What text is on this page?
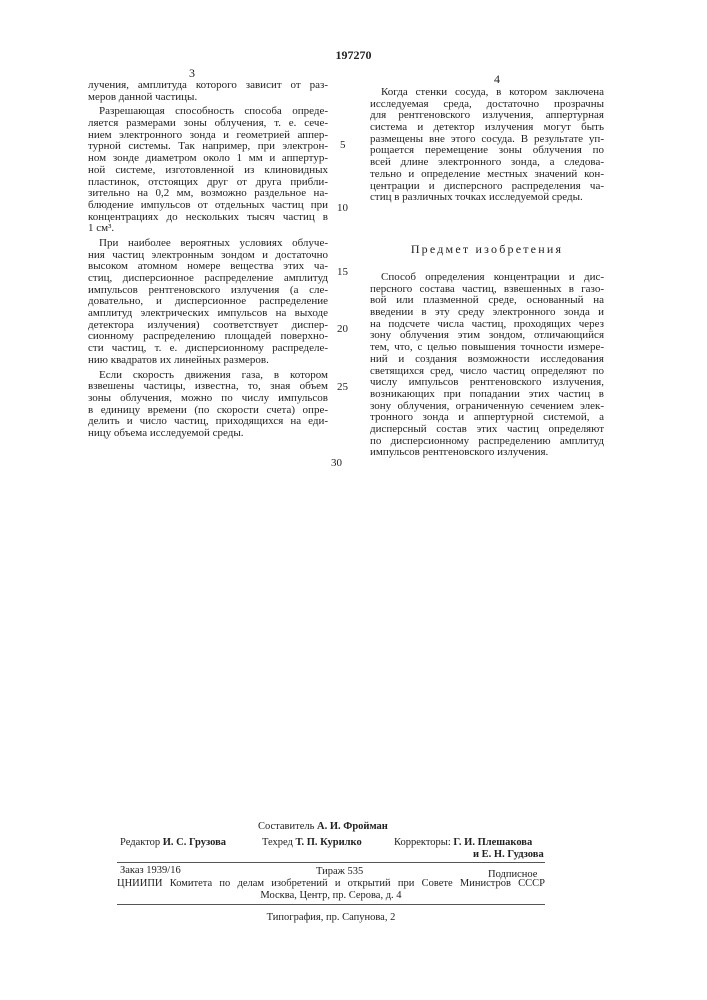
197270
3	4
лучения, амплитуда которого зависит от раз-
меров данной частицы.
Разрешающая способность способа опреде-
ляется размерами зоны облучения, т. е. сече-
нием электронного зонда и геометрией аппер-
турной системы. Так например, при электрон-
ном зонде диаметром около 1 мм и аппертур-
ной системе, изготовленной из клиновидных
пластинок, отстоящих друг от друга прибли-
зительно на 0,2 мм, возможно раздельное на-
блюдение импульсов от отдельных частиц при
концентрациях до нескольких тысяч частиц в
1 см³.
При наиболее вероятных условиях облуче-
ния частиц электронным зондом и достаточно
высоком атомном номере вещества этих ча-
стиц, дисперсионное распределение амплитуд
импульсов рентгеновского излучения (а сле-
довательно, и дисперсионное распределение
амплитуд электрических импульсов на выходе
детектора излучения) соответствует диспер-
сионному распределению площадей поверхно-
сти частиц, т. е. дисперсионному распределе-
нию квадратов их линейных размеров.
Если скорость движения газа, в котором
взвешены частицы, известна, то, зная объем
зоны облучения, можно по числу импульсов
в единицу времени (по скорости счета) опре-
делить и число частиц, приходящихся на еди-
ницу объема исследуемой среды.
Когда стенки сосуда, в котором заключена
исследуемая среда, достаточно прозрачны
для рентгеновского излучения, аппертурная
система и детектор излучения могут быть
размещены вне этого сосуда. В результате уп-
рощается перемещение зоны облучения по
всей длине электронного зонда, а следова-
тельно и определение местных значений кон-
центрации и дисперсного распределения ча-
стиц в различных точках исследуемой среды.
Предмет изобретения
Способ определения концентрации и дис-
персного состава частиц, взвешенных в газо-
вой или плазменной среде, основанный на
введении в эту среду электронного зонда и
на подсчете числа частиц, проходящих через
зону облучения этим зондом, отличающийся
тем, что, с целью повышения точности измере-
ний и создания возможности исследования
светящихся сред, число частиц определяют по
числу импульсов рентгеновского излучения,
возникающих при попадании этих частиц в
зону облучения, ограниченную сечением элек-
тронного зонда и аппертурной системой, а
дисперсный состав этих частиц определяют
по дисперсионному распределению амплитуд
импульсов рентгеновского излучения.
5
10
15
20
25
30
Составитель А. И. Фройман
Редактор И. С. Грузова	Техред Т. П. Курилко	Корректоры: Г. И. Плешакова
и Е. Н. Гудзова
Заказ 1939/16	Тираж 535	Подписное
ЦНИИПИ Комитета по делам изобретений и открытий при Совете Министров СССР
Москва, Центр, пр. Серова, д. 4
Типография, пр. Сапунова, 2
